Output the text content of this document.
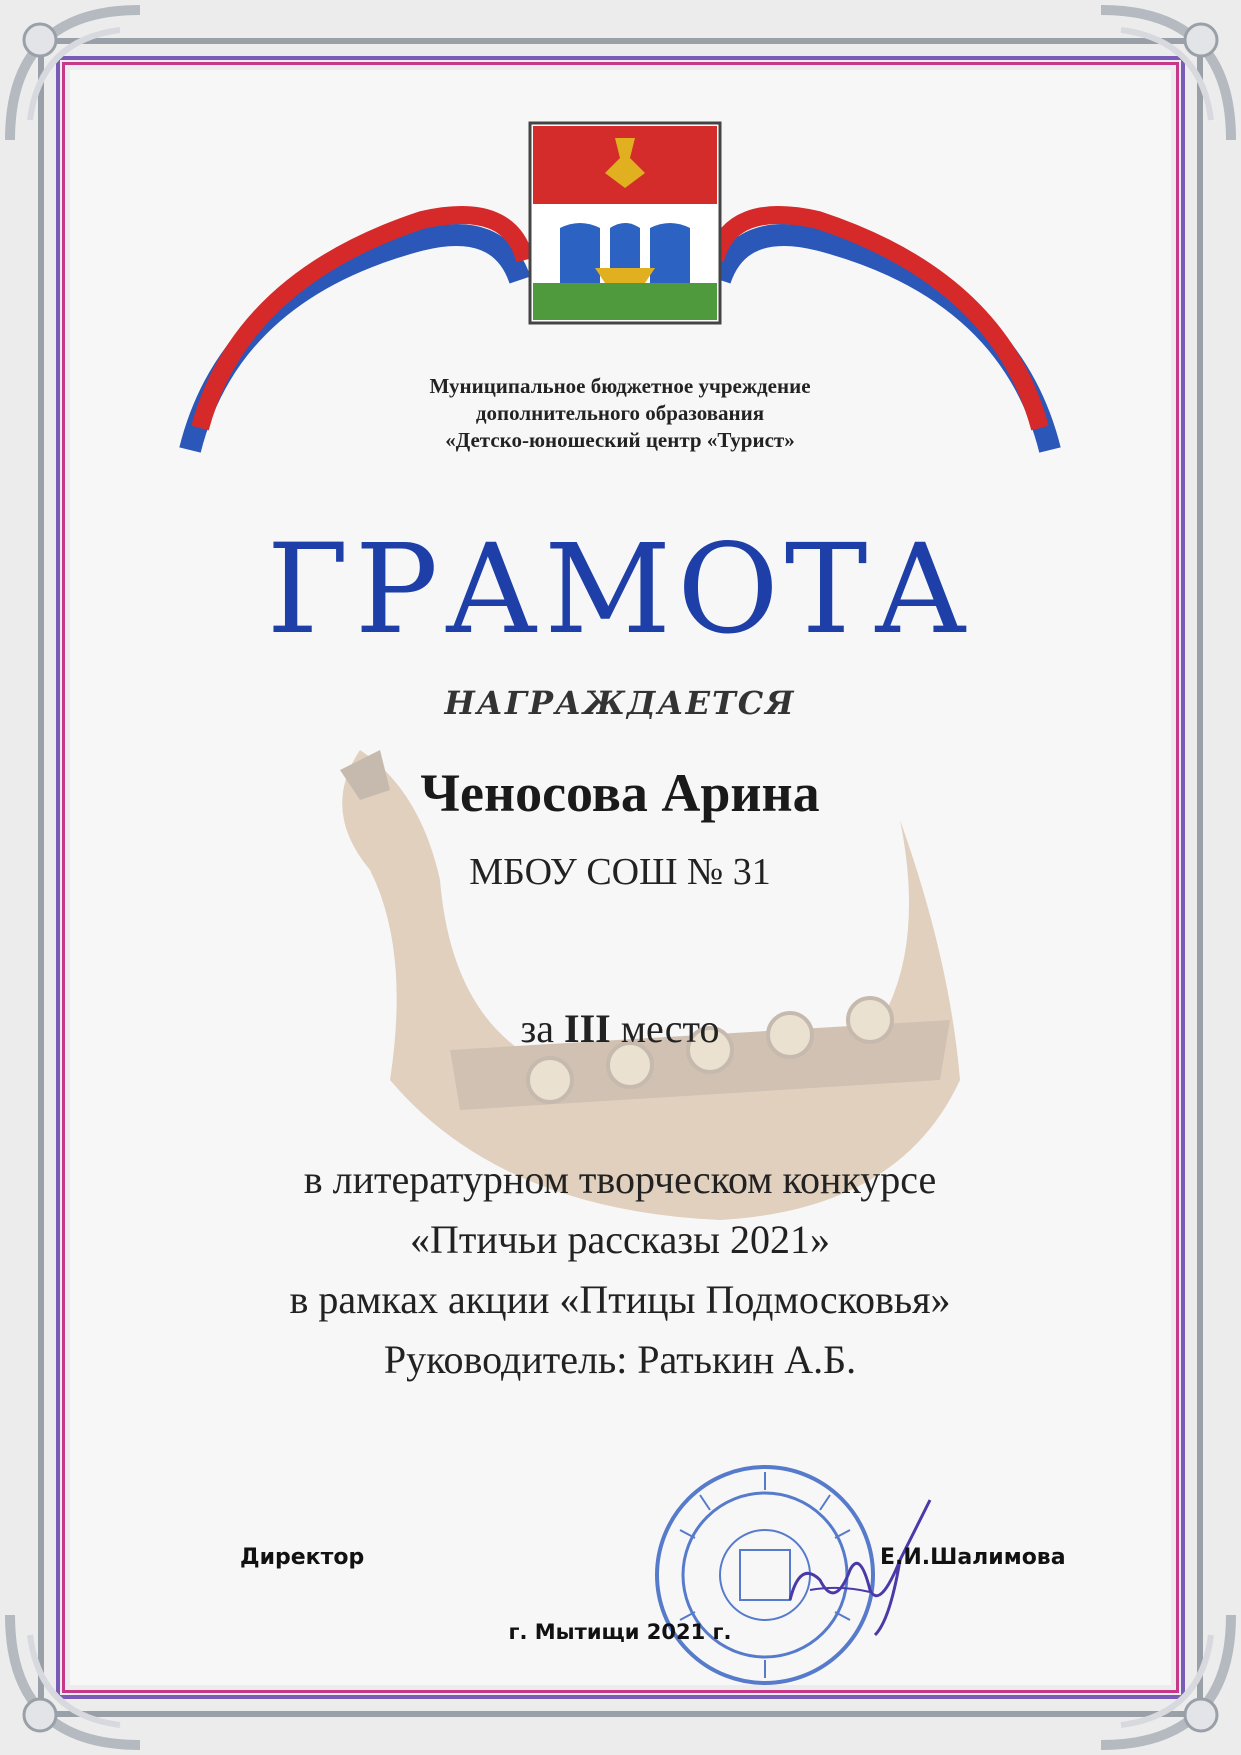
Муниципальное бюджетное учреждение
дополнительного образования
«Детско-юношеский центр «Турист»
ГРАМОТА
НАГРАЖДАЕТСЯ
Ченосова Арина
МБОУ СОШ № 31
за III место
в литературном творческом конкурсе
«Птичьи рассказы 2021»
в рамках акции «Птицы Подмосковья»
Руководитель: Ратькин А.Б.
Директор	Е.И.Шалимова
г. Мытищи 2021 г.
